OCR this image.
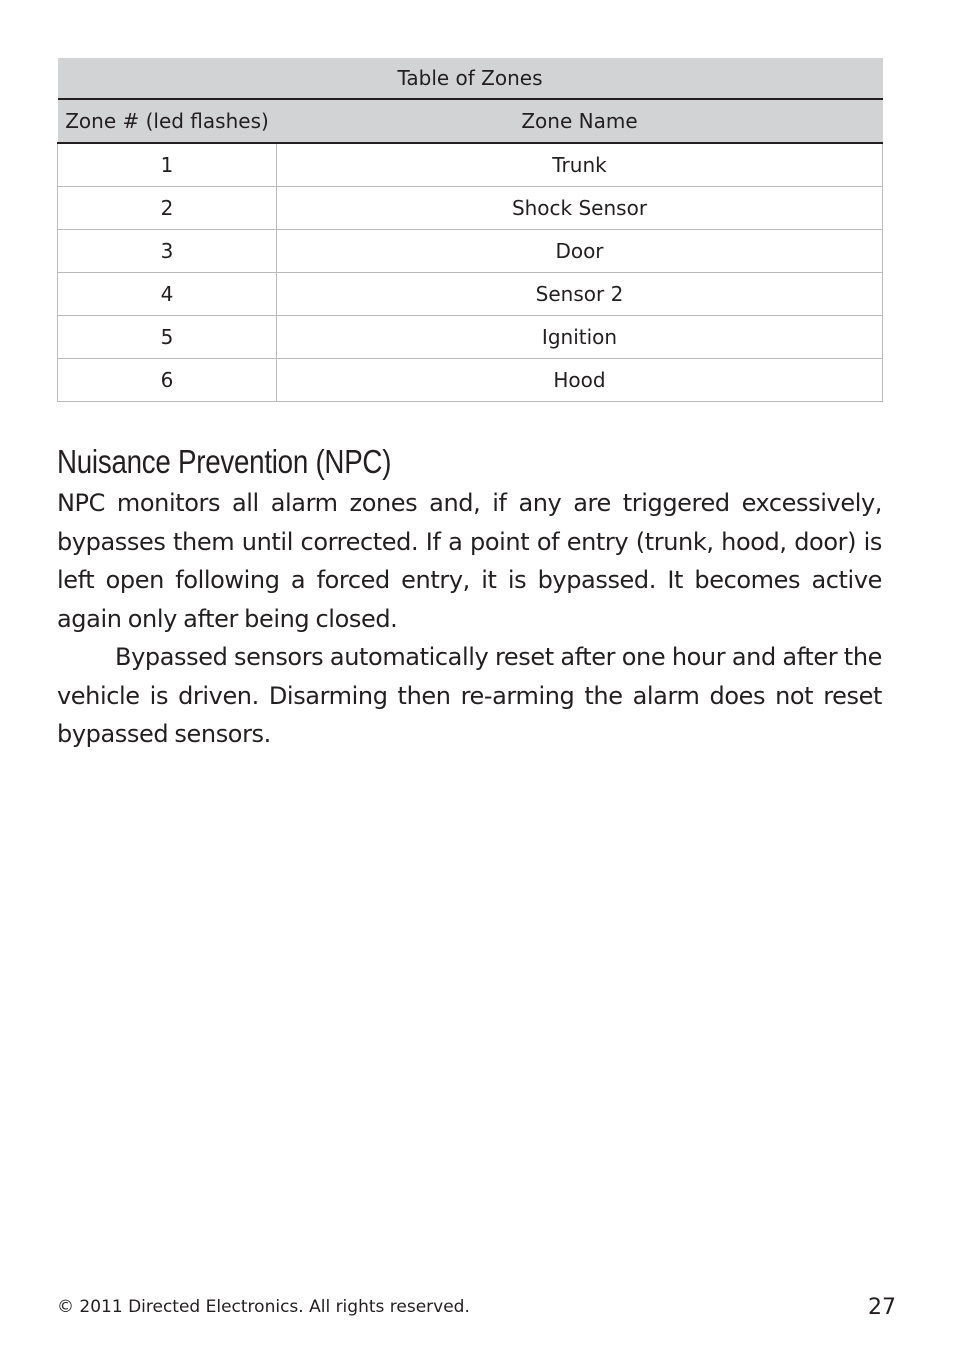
Table of Zones	
Zone # (led flashes)	Zone Name
1	Trunk
2	Shock Sensor
3	Door
4	Sensor 2
5	Ignition
6	Hood
Nuisance Prevention (NPC)

NPC monitors all alarm zones and, if any are triggered excessively, bypasses them until corrected. If a point of entry (trunk, hood, door) is left open following a forced entry, it is bypassed. It becomes active again only after being closed.

Bypassed sensors automatically reset after one hour and after the vehicle is driven. Disarming then re-arming the alarm does not reset bypassed sensors.

© 2011 Directed Electronics. All rights reserved.	27
